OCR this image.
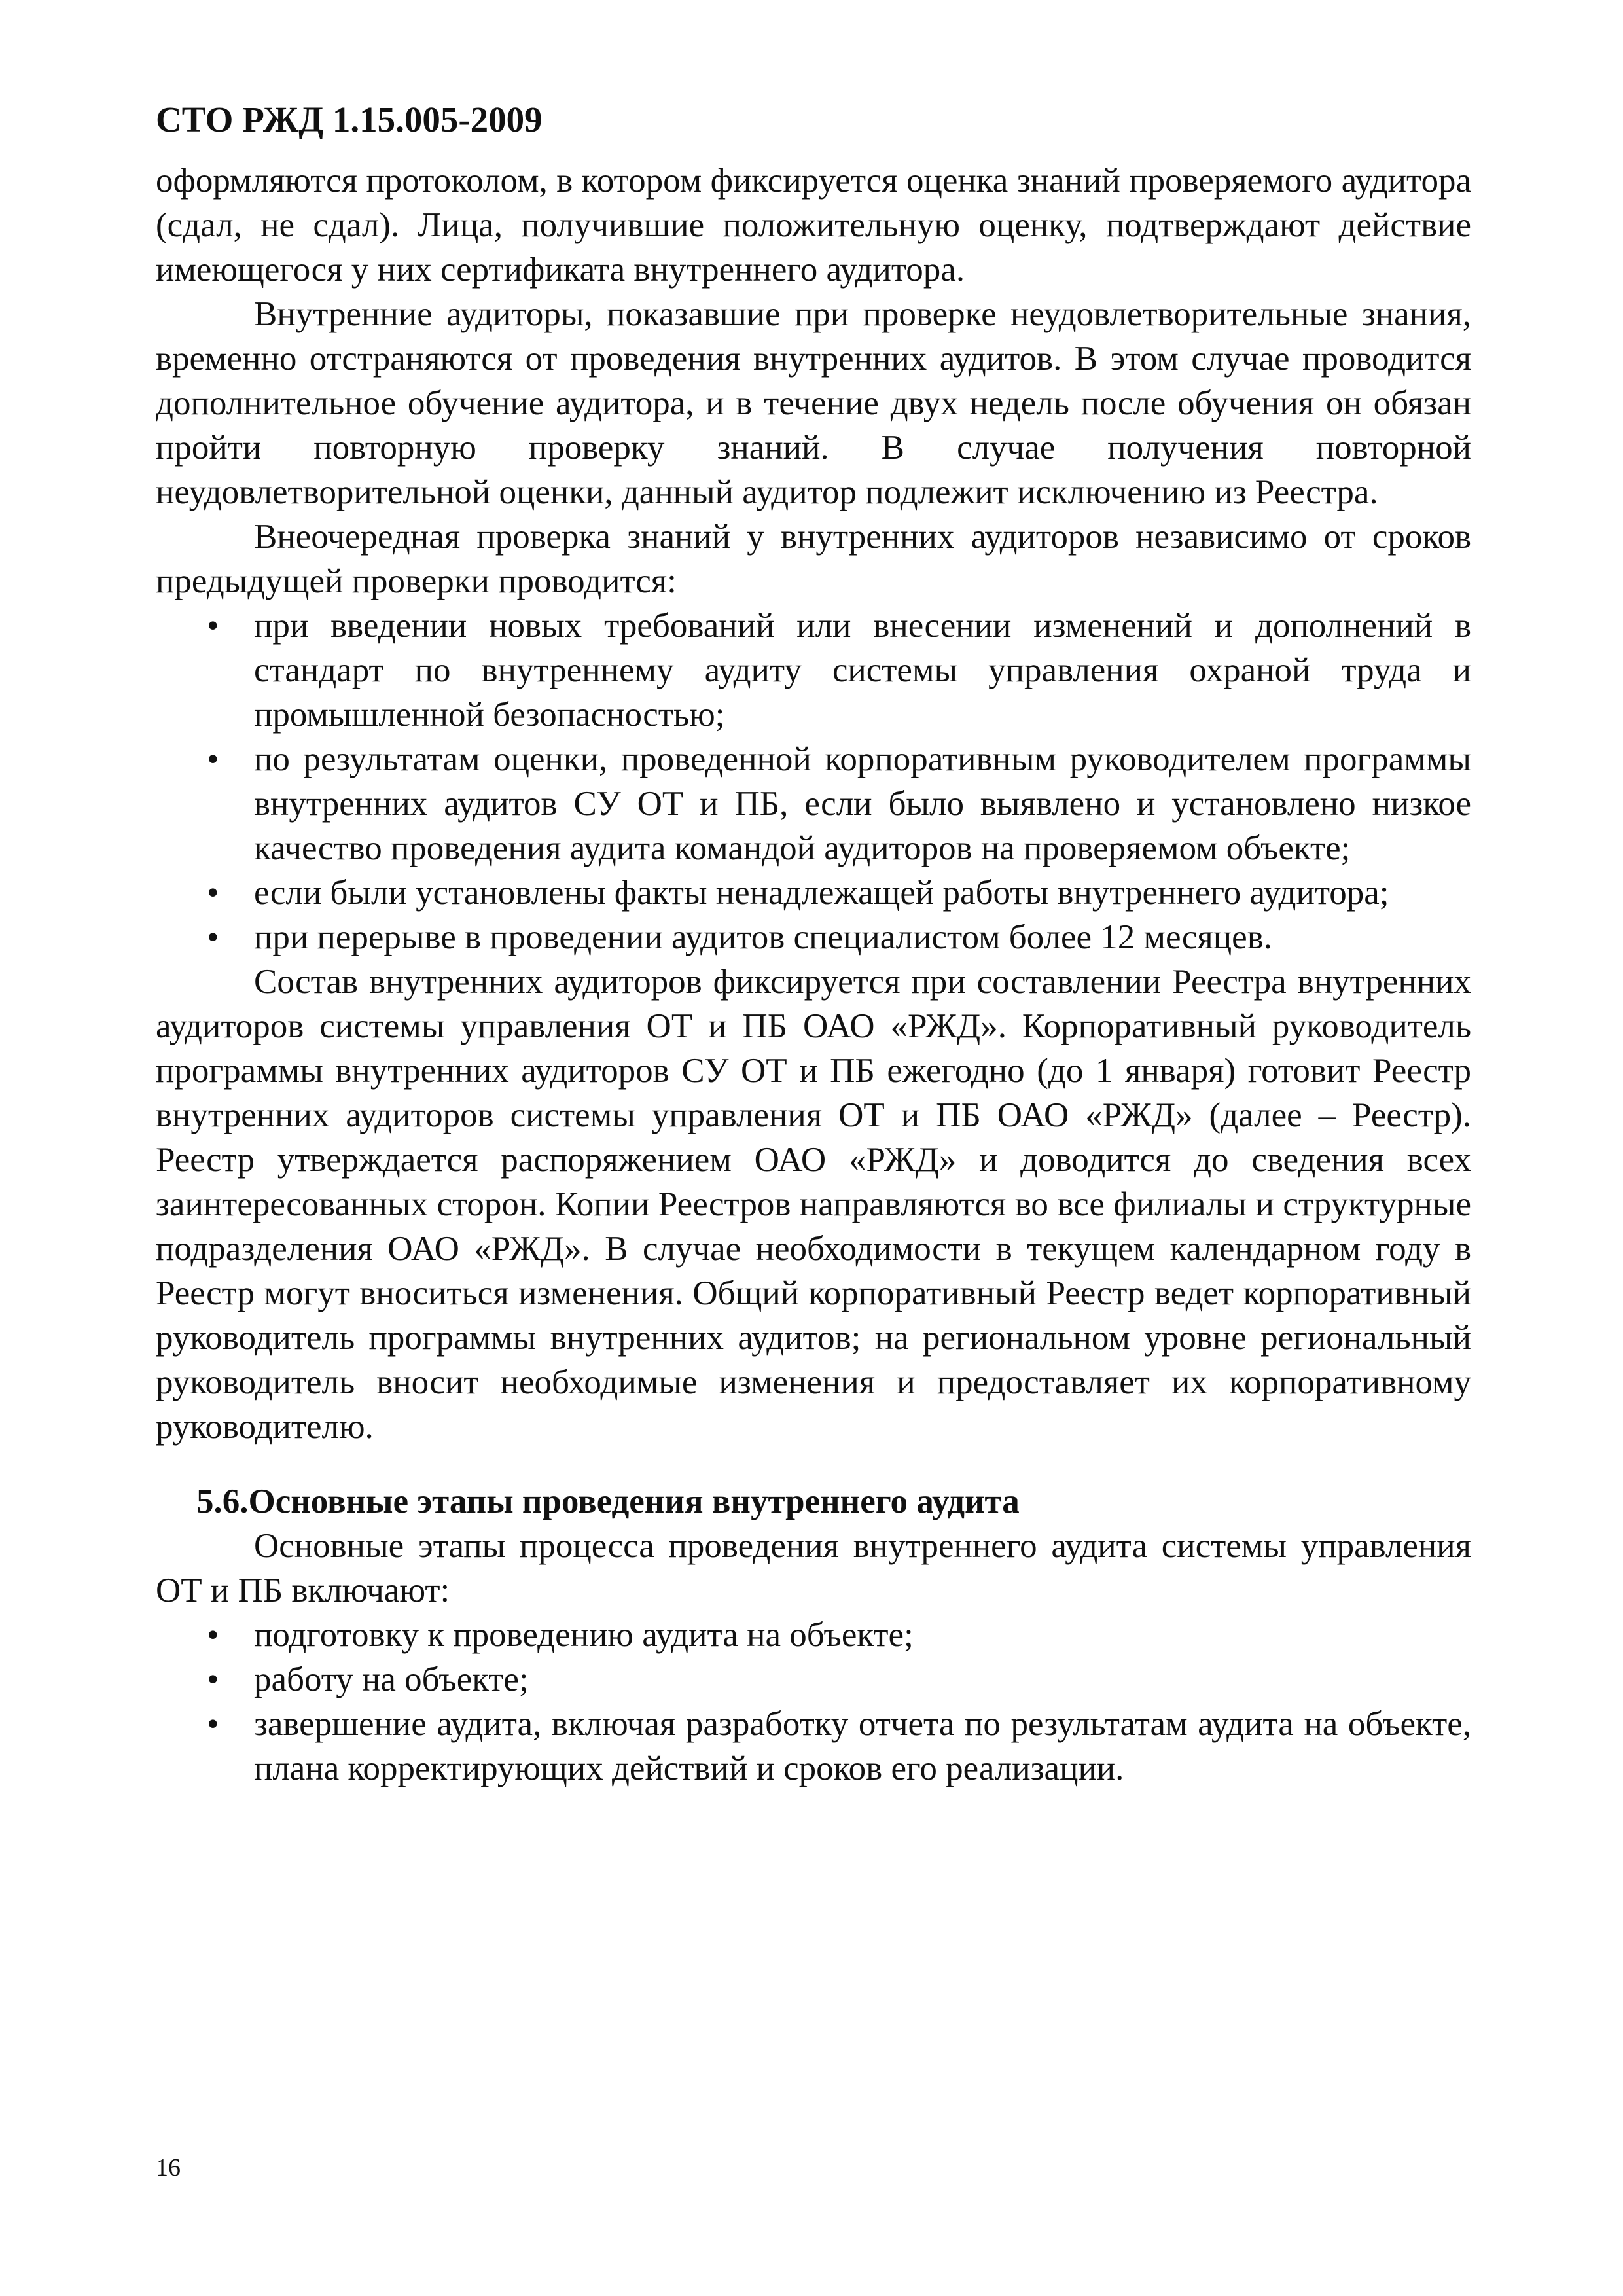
СТО РЖД 1.15.005-2009

оформляются протоколом, в котором фиксируется оценка знаний проверяемого аудитора (сдал, не сдал). Лица, получившие положительную оценку, подтверждают действие имеющегося у них сертификата внутреннего аудитора.

Внутренние аудиторы, показавшие при проверке неудовлетворительные знания, временно отстраняются от проведения внутренних аудитов. В этом случае проводится дополнительное обучение аудитора, и в течение двух недель после обучения он обязан пройти повторную проверку знаний. В случае получения повторной неудовлетворительной оценки, данный аудитор подлежит исключению из Реестра.

Внеочередная проверка знаний у внутренних аудиторов независимо от сроков предыдущей проверки проводится:

• при введении новых требований или внесении изменений и дополнений в стандарт по внутреннему аудиту системы управления охраной труда и промышленной безопасностью;
• по результатам оценки, проведенной корпоративным руководителем программы внутренних аудитов СУ ОТ и ПБ, если было выявлено и установлено низкое качество проведения аудита командой аудиторов на проверяемом объекте;
• если были установлены факты ненадлежащей работы внутреннего аудитора;
• при перерыве в проведении аудитов специалистом более 12 месяцев.

Состав внутренних аудиторов фиксируется при составлении Реестра внутренних аудиторов системы управления ОТ и ПБ ОАО «РЖД». Корпоративный руководитель программы внутренних аудиторов СУ ОТ и ПБ ежегодно (до 1 января) готовит Реестр внутренних аудиторов системы управления ОТ и ПБ ОАО «РЖД» (далее – Реестр). Реестр утверждается распоряжением ОАО «РЖД» и доводится до сведения всех заинтересованных сторон. Копии Реестров направляются во все филиалы и структурные подразделения ОАО «РЖД». В случае необходимости в текущем календарном году в Реестр могут вноситься изменения. Общий корпоративный Реестр ведет корпоративный руководитель программы внутренних аудитов; на региональном уровне региональный руководитель вносит необходимые изменения и предоставляет их корпоративному руководителю.

5.6.Основные этапы проведения внутреннего аудита

Основные этапы процесса проведения внутреннего аудита системы управления ОТ и ПБ включают:

• подготовку к проведению аудита на объекте;
• работу на объекте;
• завершение аудита, включая разработку отчета по результатам аудита на объекте, плана корректирующих действий и сроков его реализации.
16
